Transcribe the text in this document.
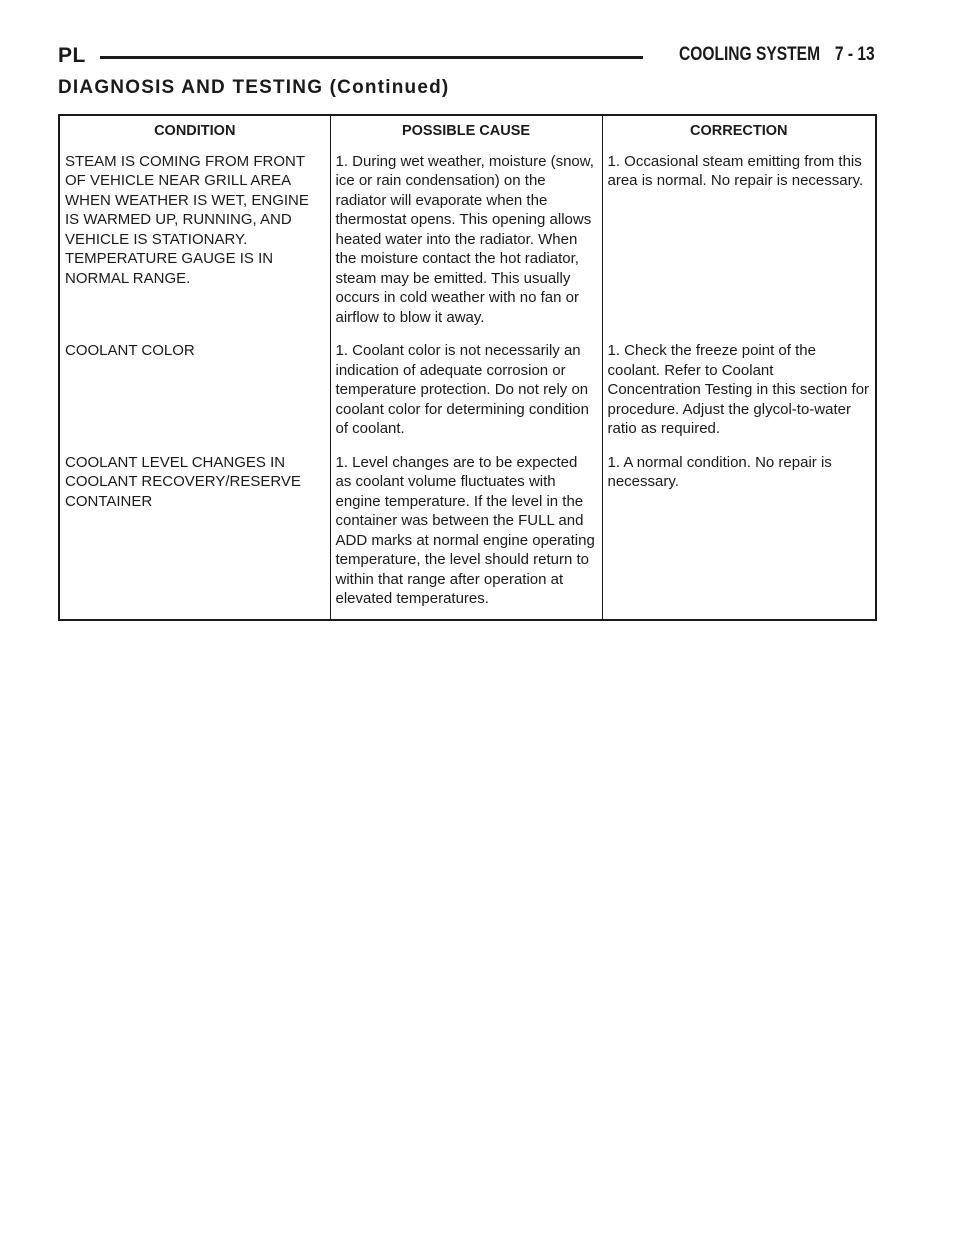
PL	COOLING SYSTEM 7 - 13
DIAGNOSIS AND TESTING (Continued)
CONDITION	POSSIBLE CAUSE	CORRECTION

STEAM IS COMING FROM FRONT OF VEHICLE NEAR GRILL AREA WHEN WEATHER IS WET, ENGINE IS WARMED UP, RUNNING, AND VEHICLE IS STATIONARY. TEMPERATURE GAUGE IS IN NORMAL RANGE.	1. During wet weather, moisture (snow, ice or rain condensation) on the radiator will evaporate when the thermostat opens. This opening allows heated water into the radiator. When the moisture contact the hot radiator, steam may be emitted. This usually occurs in cold weather with no fan or airflow to blow it away.	1. Occasional steam emitting from this area is normal. No repair is necessary.

COOLANT COLOR	1. Coolant color is not necessarily an indication of adequate corrosion or temperature protection. Do not rely on coolant color for determining condition of coolant.	1. Check the freeze point of the coolant. Refer to Coolant Concentration Testing in this section for procedure. Adjust the glycol-to-water ratio as required.

COOLANT LEVEL CHANGES IN COOLANT RECOVERY/RESERVE CONTAINER	1. Level changes are to be expected as coolant volume fluctuates with engine temperature. If the level in the container was between the FULL and ADD marks at normal engine operating temperature, the level should return to within that range after operation at elevated temperatures.	1. A normal condition. No repair is necessary.
